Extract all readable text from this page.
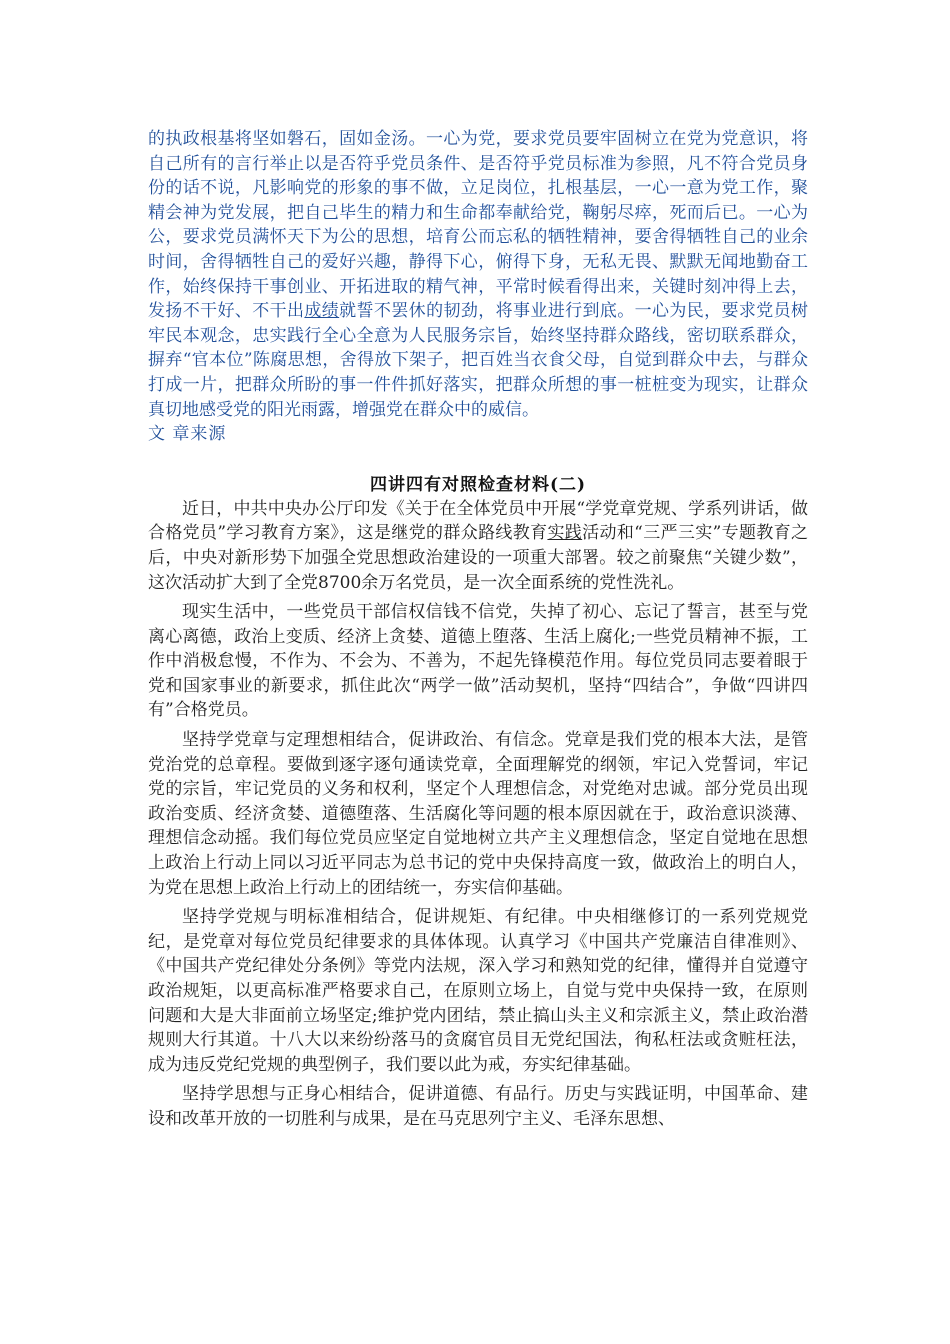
的执政根基将坚如磐石，固如金汤。一心为党，要求党员要牢固树立在党为党意识，将自己所有的言行举止以是否符乎党员条件、是否符乎党员标准为参照，凡不符合党员身份的话不说，凡影响党的形象的事不做，立足岗位，扎根基层，一心一意为党工作，聚精会神为党发展，把自己毕生的精力和生命都奉献给党，鞠躬尽瘁，死而后已。一心为公，要求党员满怀天下为公的思想，培育公而忘私的牺牲精神，要舍得牺牲自己的业余时间，舍得牺牲自己的爱好兴趣，静得下心，俯得下身，无私无畏、默默无闻地勤奋工作，始终保持干事创业、开拓进取的精气神，平常时候看得出来，关键时刻冲得上去，发扬不干好、不干出成绩就誓不罢休的韧劲，将事业进行到底。一心为民，要求党员树牢民本观念，忠实践行全心全意为人民服务宗旨，始终坚持群众路线，密切联系群众，摒弃“官本位”陈腐思想，舍得放下架子，把百姓当衣食父母，自觉到群众中去，与群众打成一片，把群众所盼的事一件件抓好落实，把群众所想的事一桩桩变为现实，让群众真切地感受党的阳光雨露，增强党在群众中的威信。

文 章来源

四讲四有对照检查材料(二)

近日，中共中央办公厅印发《关于在全体党员中开展“学党章党规、学系列讲话，做合格党员”学习教育方案》，这是继党的群众路线教育实践活动和“三严三实”专题教育之后，中央对新形势下加强全党思想政治建设的一项重大部署。较之前聚焦“关键少数”，这次活动扩大到了全党8700余万名党员，是一次全面系统的党性洗礼。

现实生活中，一些党员干部信权信钱不信党，失掉了初心、忘记了誓言，甚至与党离心离德，政治上变质、经济上贪婪、道德上堕落、生活上腐化;一些党员精神不振，工作中消极怠慢，不作为、不会为、不善为，不起先锋模范作用。每位党员同志要着眼于党和国家事业的新要求，抓住此次“两学一做”活动契机，坚持“四结合”，争做“四讲四有”合格党员。

坚持学党章与定理想相结合，促讲政治、有信念。党章是我们党的根本大法，是管党治党的总章程。要做到逐字逐句通读党章，全面理解党的纲领，牢记入党誓词，牢记党的宗旨，牢记党员的义务和权利，坚定个人理想信念，对党绝对忠诚。部分党员出现政治变质、经济贪婪、道德堕落、生活腐化等问题的根本原因就在于，政治意识淡薄、理想信念动摇。我们每位党员应坚定自觉地树立共产主义理想信念，坚定自觉地在思想上政治上行动上同以习近平同志为总书记的党中央保持高度一致，做政治上的明白人，为党在思想上政治上行动上的团结统一，夯实信仰基础。

坚持学党规与明标准相结合，促讲规矩、有纪律。中央相继修订的一系列党规党纪，是党章对每位党员纪律要求的具体体现。认真学习《中国共产党廉洁自律准则》、《中国共产党纪律处分条例》等党内法规，深入学习和熟知党的纪律，懂得并自觉遵守政治规矩，以更高标准严格要求自己，在原则立场上，自觉与党中央保持一致，在原则问题和大是大非面前立场坚定;维护党内团结，禁止搞山头主义和宗派主义，禁止政治潜规则大行其道。十八大以来纷纷落马的贪腐官员目无党纪国法，徇私枉法或贪赃枉法，成为违反党纪党规的典型例子，我们要以此为戒，夯实纪律基础。

坚持学思想与正身心相结合，促讲道德、有品行。历史与实践证明，中国革命、建设和改革开放的一切胜利与成果，是在马克思列宁主义、毛泽东思想、
